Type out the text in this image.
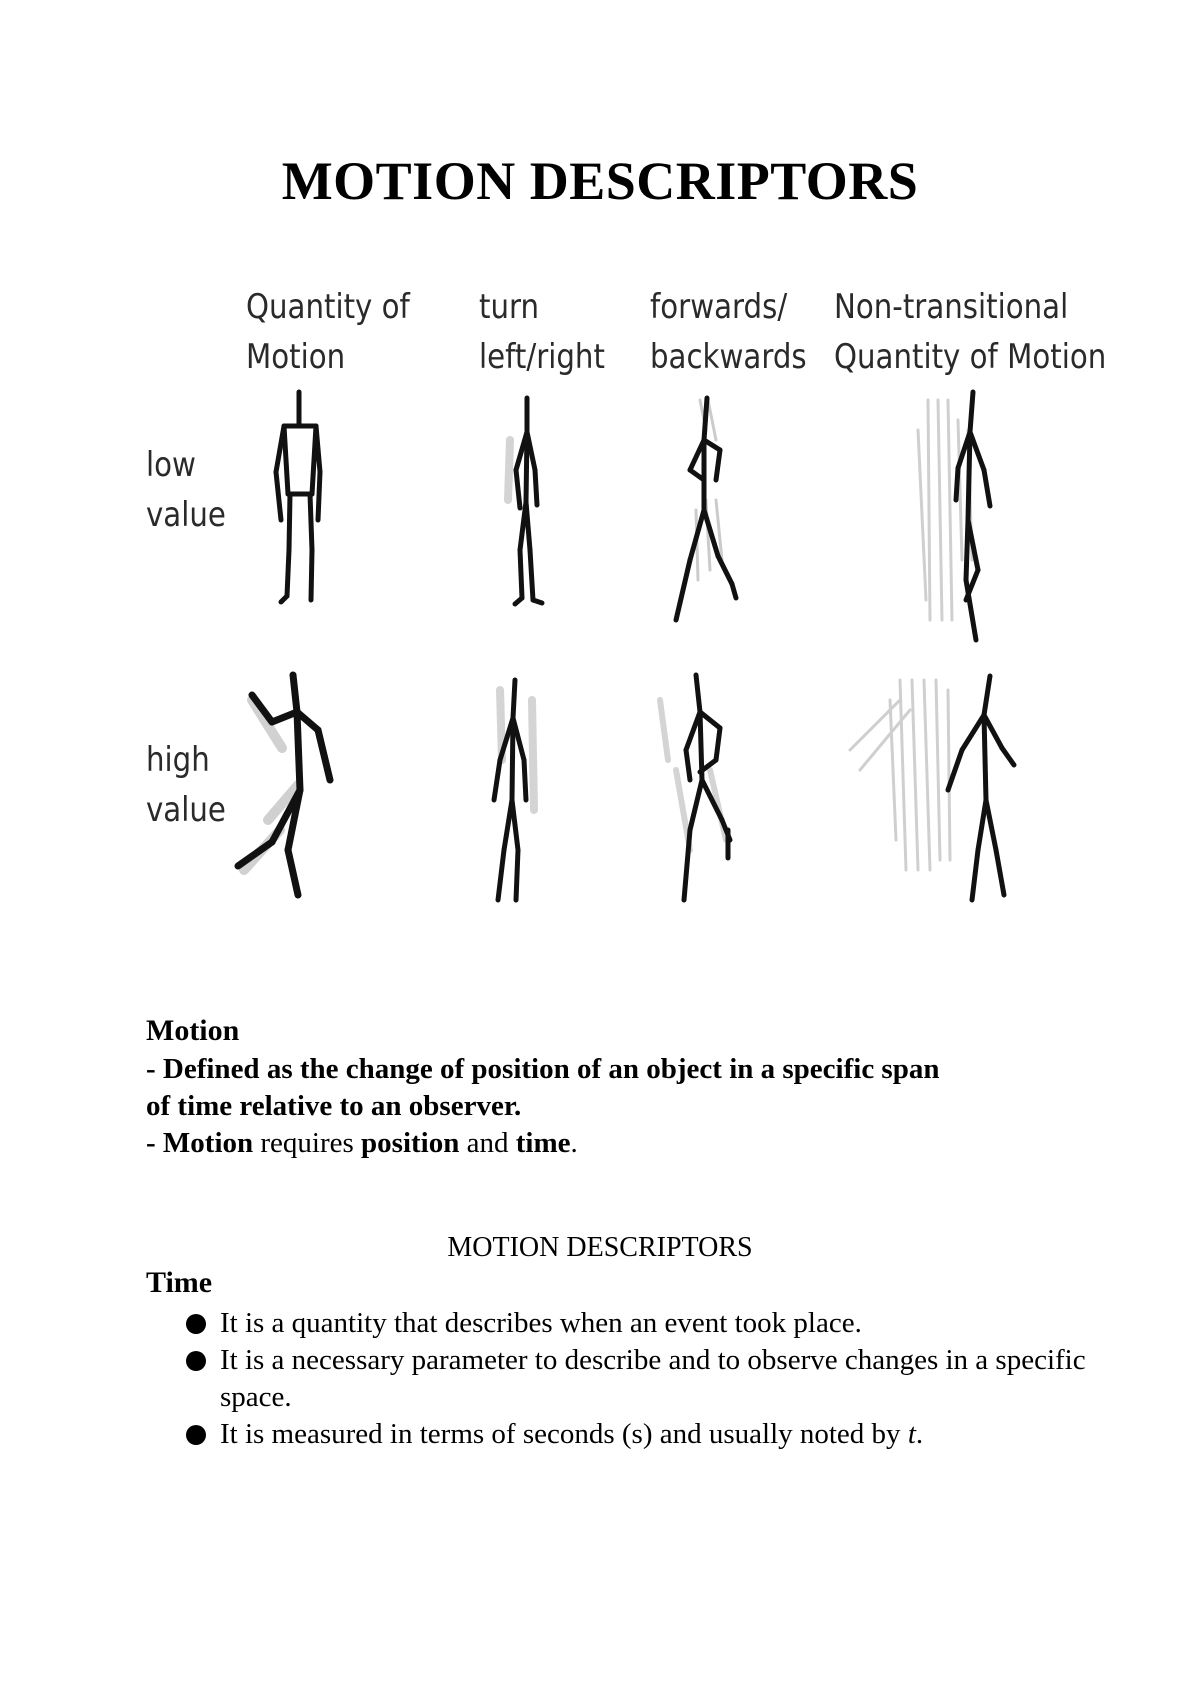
MOTION DESCRIPTORS
Quantity of
Motion
turn
left/right
forwards/
backwards
Non-transitional
Quantity of Motion
low
value
high
value
Motion
- Defined as the change of position of an object in a specific span
of time relative to an observer.
- Motion requires position and time.
MOTION DESCRIPTORS
Time
It is a quantity that describes when an event took place.
It is a necessary parameter to describe and to observe changes in a specific space.
It is measured in terms of seconds (s) and usually noted by t.
